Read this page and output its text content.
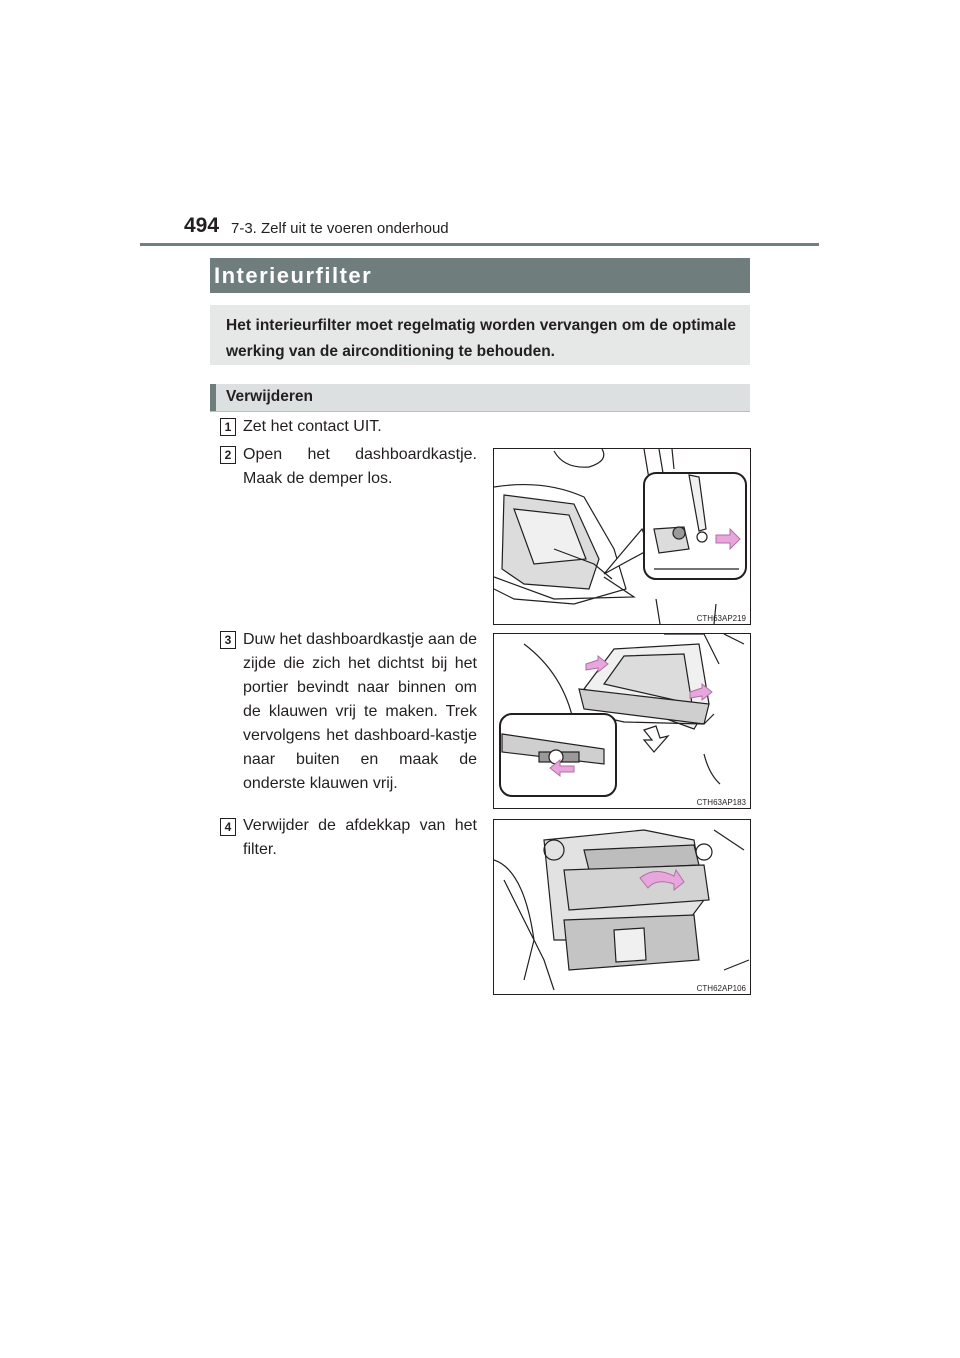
494 7-3. Zelf uit te voeren onderhoud
Interieurfilter
Het interieurfilter moet regelmatig worden vervangen om de optimale werking van de airconditioning te behouden.
Verwijderen
1 Zet het contact UIT.
2 Open het dashboardkastje. Maak de demper los.
CTH63AP219
3 Duw het dashboardkastje aan de zijde die zich het dichtst bij het portier bevindt naar binnen om de klauwen vrij te maken. Trek vervolgens het dashboard-kastje naar buiten en maak de onderste klauwen vrij.
CTH63AP183
4 Verwijder de afdekkap van het filter.
CTH62AP106
